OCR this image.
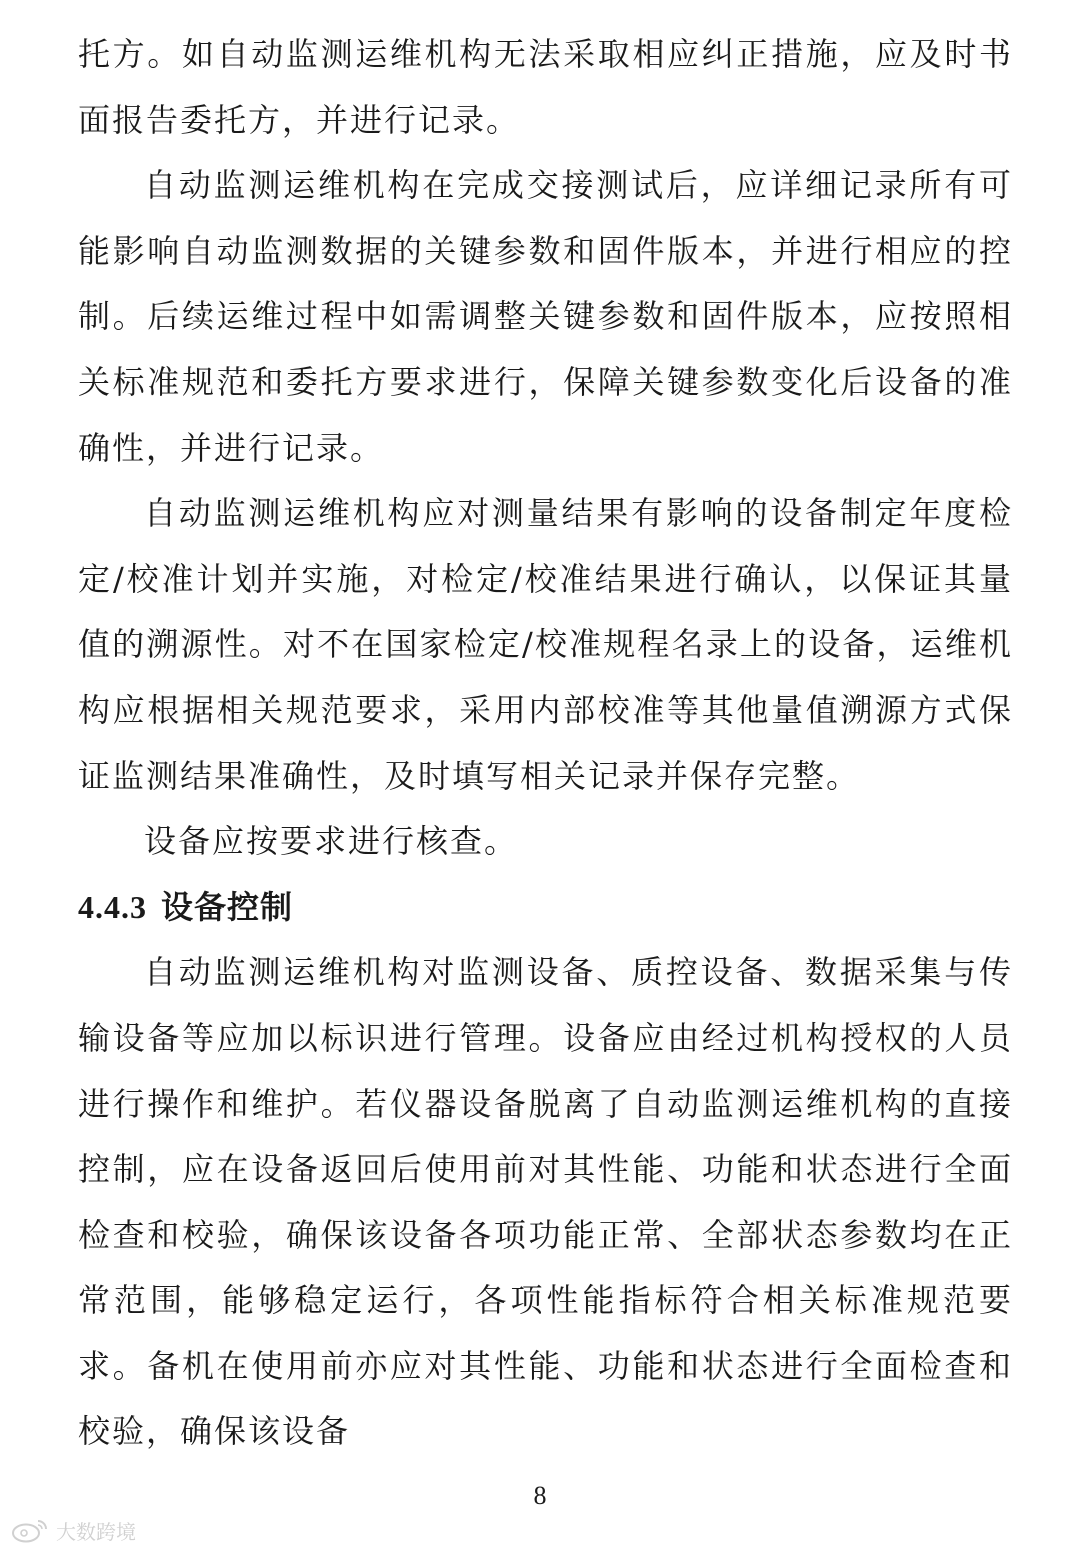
托方。如自动监测运维机构无法采取相应纠正措施，应及时书面报告委托方，并进行记录。

自动监测运维机构在完成交接测试后，应详细记录所有可能影响自动监测数据的关键参数和固件版本，并进行相应的控制。后续运维过程中如需调整关键参数和固件版本，应按照相关标准规范和委托方要求进行，保障关键参数变化后设备的准确性，并进行记录。

自动监测运维机构应对测量结果有影响的设备制定年度检定/校准计划并实施，对检定/校准结果进行确认，以保证其量值的溯源性。对不在国家检定/校准规程名录上的设备，运维机构应根据相关规范要求，采用内部校准等其他量值溯源方式保证监测结果准确性，及时填写相关记录并保存完整。

设备应按要求进行核查。

4.4.3 设备控制

自动监测运维机构对监测设备、质控设备、数据采集与传输设备等应加以标识进行管理。设备应由经过机构授权的人员进行操作和维护。若仪器设备脱离了自动监测运维机构的直接控制，应在设备返回后使用前对其性能、功能和状态进行全面检查和校验，确保该设备各项功能正常、全部状态参数均在正常范围，能够稳定运行，各项性能指标符合相关标准规范要求。备机在使用前亦应对其性能、功能和状态进行全面检查和校验，确保该设备

8
大数跨境
